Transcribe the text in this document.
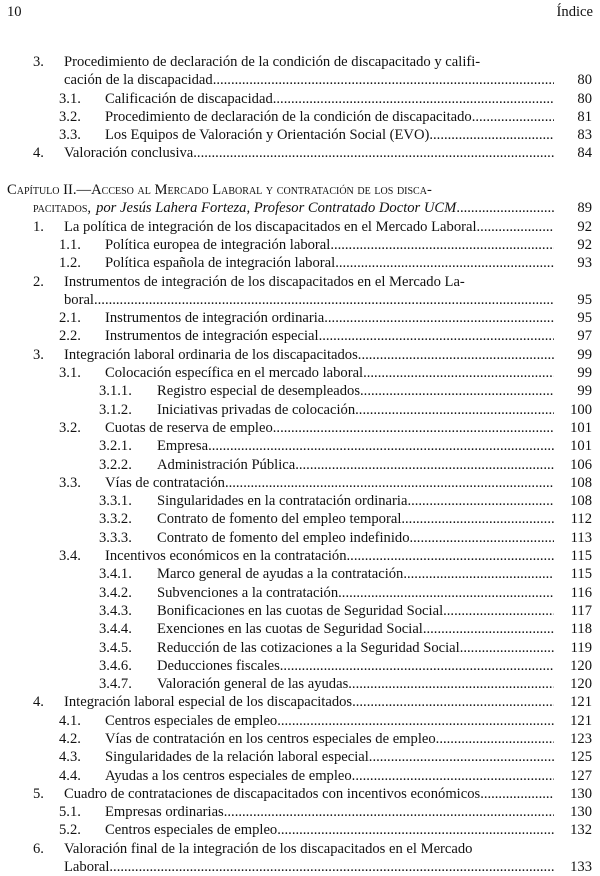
10	Índice
3. Procedimiento de declaración de la condición de discapacitado y califi-
cación de la discapacidad .....	80
3.1. Calificación de discapacidad .....	80
3.2. Procedimiento de declaración de la condición de discapacitado .....	81
3.3. Los Equipos de Valoración y Orientación Social (EVO) .....	83
4. Valoración conclusiva .....	84
Capítulo II.—Acceso al Mercado Laboral y contratación de los disca-
pacitados, por Jesús Lahera Forteza, Profesor Contratado Doctor UCM .....	89
1. La política de integración de los discapacitados en el Mercado Laboral .....	92
1.1. Política europea de integración laboral .....	92
1.2. Política española de integración laboral .....	93
2. Instrumentos de integración de los discapacitados en el Mercado La-
boral .....	95
2.1. Instrumentos de integración ordinaria .....	95
2.2. Instrumentos de integración especial .....	97
3. Integración laboral ordinaria de los discapacitados .....	99
3.1. Colocación específica en el mercado laboral .....	99
3.1.1. Registro especial de desempleados .....	99
3.1.2. Iniciativas privadas de colocación .....	100
3.2. Cuotas de reserva de empleo .....	101
3.2.1. Empresa .....	101
3.2.2. Administración Pública .....	106
3.3. Vías de contratación .....	108
3.3.1. Singularidades en la contratación ordinaria .....	108
3.3.2. Contrato de fomento del empleo temporal .....	112
3.3.3. Contrato de fomento del empleo indefinido .....	113
3.4. Incentivos económicos en la contratación .....	115
3.4.1. Marco general de ayudas a la contratación .....	115
3.4.2. Subvenciones a la contratación .....	116
3.4.3. Bonificaciones en las cuotas de Seguridad Social .....	117
3.4.4. Exenciones en las cuotas de Seguridad Social .....	118
3.4.5. Reducción de las cotizaciones a la Seguridad Social .....	119
3.4.6. Deducciones fiscales .....	120
3.4.7. Valoración general de las ayudas .....	120
4. Integración laboral especial de los discapacitados .....	121
4.1. Centros especiales de empleo .....	121
4.2. Vías de contratación en los centros especiales de empleo .....	123
4.3. Singularidades de la relación laboral especial .....	125
4.4. Ayudas a los centros especiales de empleo .....	127
5. Cuadro de contrataciones de discapacitados con incentivos económicos .....	130
5.1. Empresas ordinarias .....	130
5.2. Centros especiales de empleo .....	132
6. Valoración final de la integración de los discapacitados en el Mercado
Laboral .....	133
